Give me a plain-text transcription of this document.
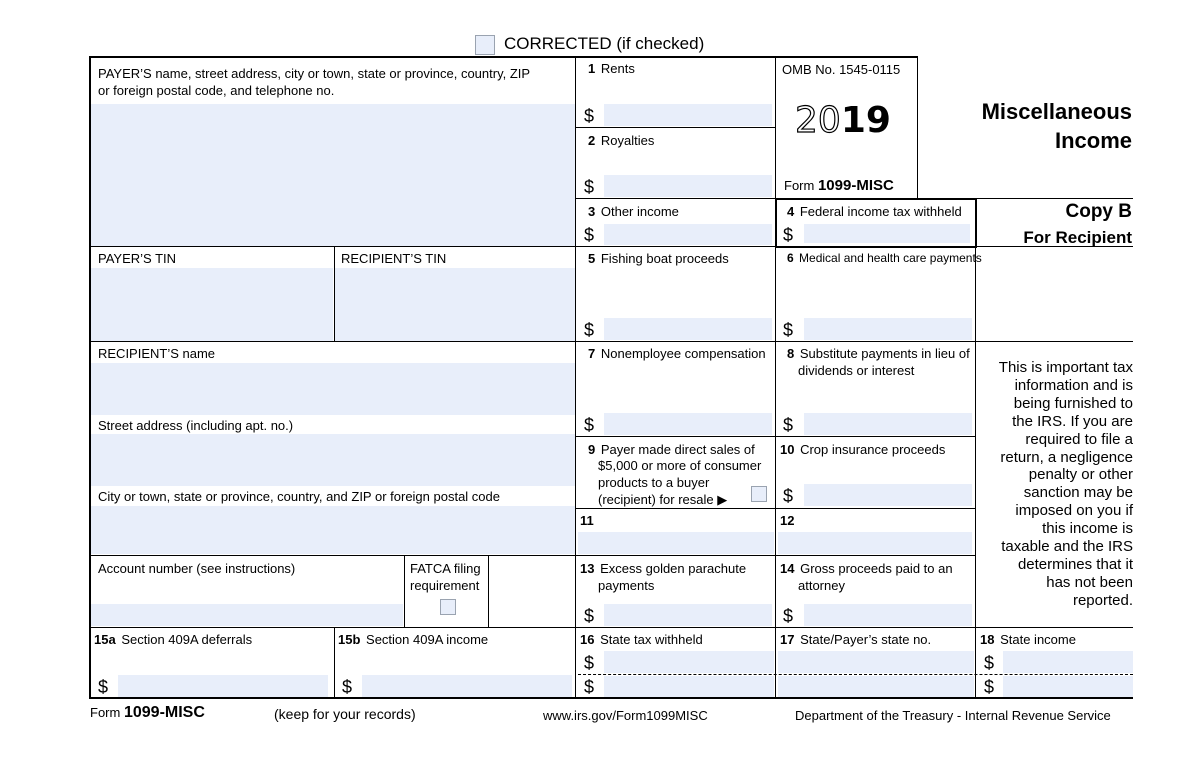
CORRECTED (if checked)
OMB No. 1545-0115
2019
Form 1099-MISC
Miscellaneous
Income
Copy B
For Recipient
This is important tax
information and is
being furnished to
the IRS. If you are
required to file a
return, a negligence
penalty or other
sanction may be
imposed on you if
this income is
taxable and the IRS
determines that it
has not been
reported.
PAYER’S name, street address, city or town, state or province, country, ZIP
or foreign postal code, and telephone no.
PAYER’S TIN	RECIPIENT’S TIN
RECIPIENT’S name
Street address (including apt. no.)
City or town, state or province, country, and ZIP or foreign postal code
Account number (see instructions)	FATCA filing
requirement
1 Rents
$
2 Royalties
$
3 Other income
$
4 Federal income tax withheld
$
5 Fishing boat proceeds
$
6 Medical and health care payments
$
7 Nonemployee compensation
$
8 Substitute payments in lieu of
dividends or interest
$
9 Payer made direct sales of
$5,000 or more of consumer
products to a buyer
(recipient) for resale ▶
10 Crop insurance proceeds
$
11	12
13 Excess golden parachute
payments
$
14 Gross proceeds paid to an
attorney
$
15a Section 409A deferrals
$
15b Section 409A income
$
16 State tax withheld
$
$
17 State/Payer’s state no.	18 State income
$
$
Form 1099-MISC	(keep for your records)	www.irs.gov/Form1099MISC	Department of the Treasury - Internal Revenue Service
